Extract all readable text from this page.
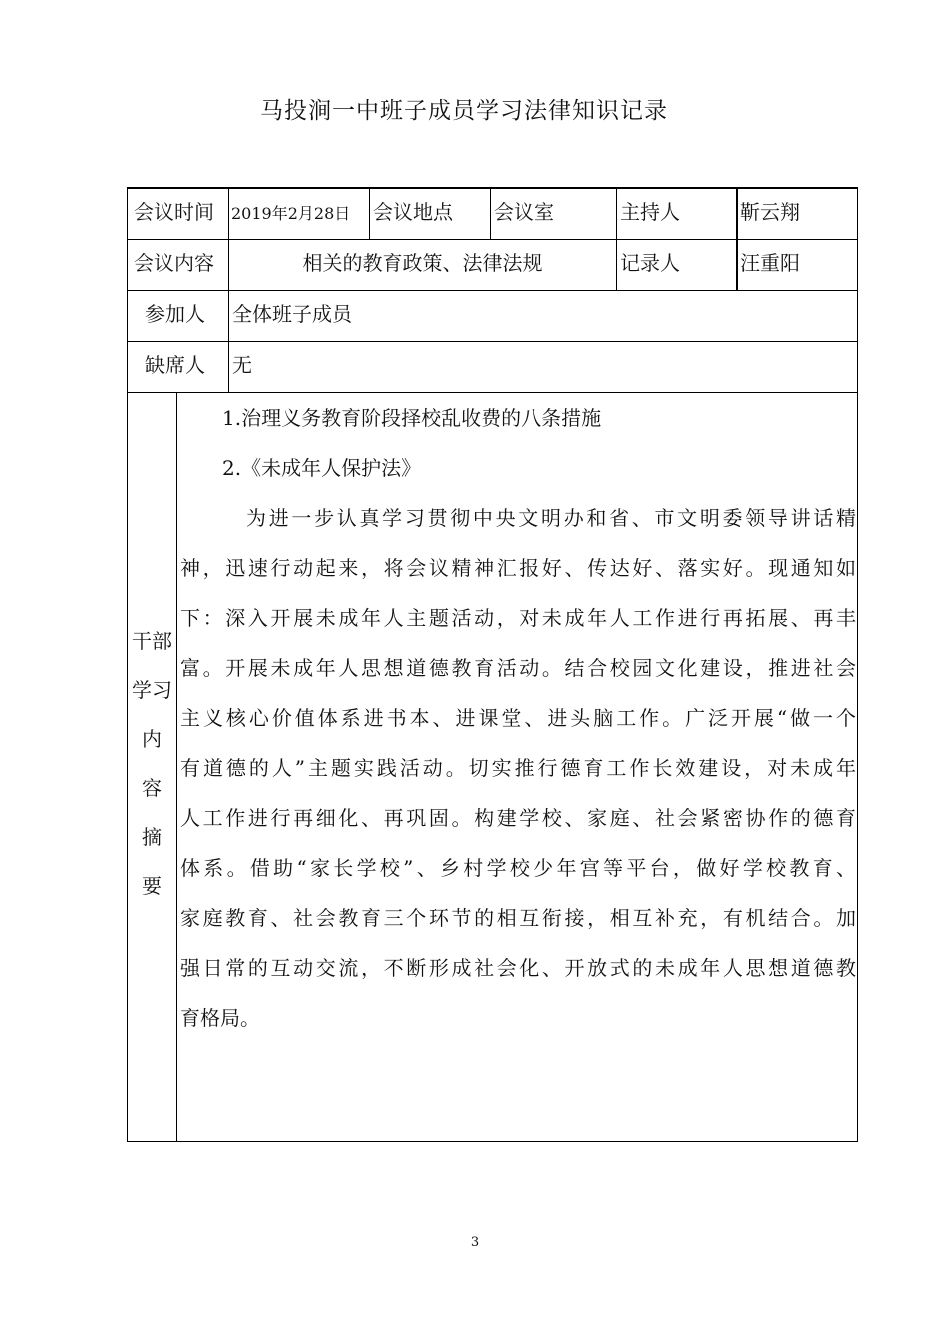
马投涧一中班子成员学习法律知识记录
会议时间 2019年2月28日 会议地点 会议室	主持人	靳云翔
会议内容	相关的教育政策、法律法规	记录人	汪重阳
参加人 全体班子成员
缺席人 无
干部
学习
内
容
摘
要

1.治理义务教育阶段择校乱收费的八条措施

2.《未成年人保护法》

为进一步认真学习贯彻中央文明办和省、市文明委领导讲话精

神，迅速行动起来，将会议精神汇报好、传达好、落实好。现通知如

下：深入开展未成年人主题活动，对未成年人工作进行再拓展、再丰

富。开展未成年人思想道德教育活动。结合校园文化建设，推进社会

主义核心价值体系进书本、进课堂、进头脑工作。广泛开展“做一个

有道德的人”主题实践活动。切实推行德育工作长效建设，对未成年

人工作进行再细化、再巩固。构建学校、家庭、社会紧密协作的德育

体系。借助“家长学校”、乡村学校少年宫等平台，做好学校教育、

家庭教育、社会教育三个环节的相互衔接，相互补充，有机结合。加

强日常的互动交流，不断形成社会化、开放式的未成年人思想道德教

育格局。

3
